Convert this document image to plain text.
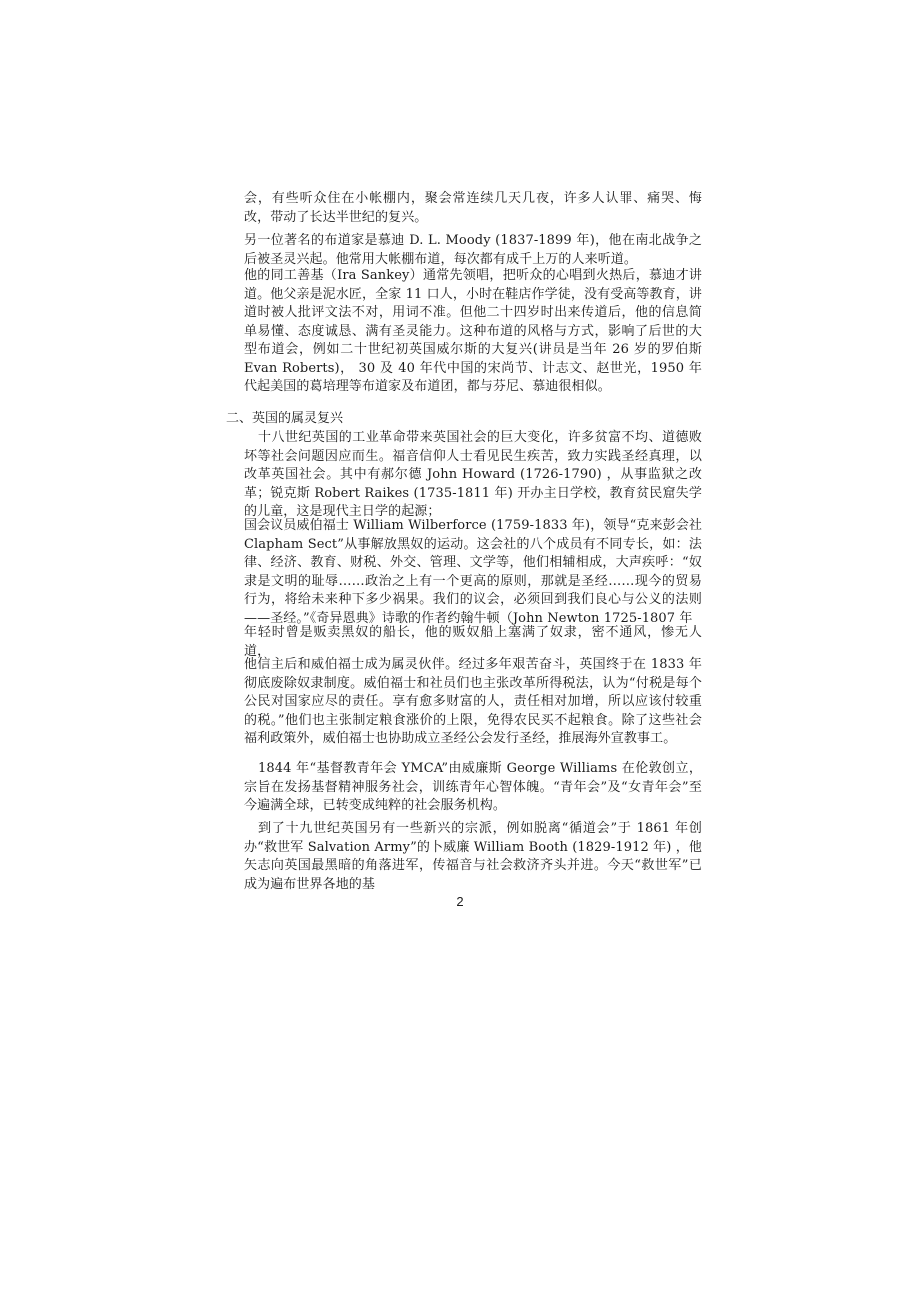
会，有些听众住在小帐棚内，聚会常连续几天几夜，许多人认罪、痛哭、悔改，带动了长达半世纪的复兴。

另一位著名的布道家是慕迪 D. L. Moody (1837-1899 年)，他在南北战争之后被圣灵兴起。他常用大帐棚布道，每次都有成千上万的人来听道。

他的同工善基（Ira Sankey）通常先领唱，把听众的心唱到火热后，慕迪才讲道。他父亲是泥水匠，全家 11 口人，小时在鞋店作学徒，没有受高等教育，讲道时被人批评文法不对，用词不准。但他二十四岁时出来传道后，他的信息简单易懂、态度诚恳、满有圣灵能力。这种布道的风格与方式，影响了后世的大型布道会，例如二十世纪初英国威尔斯的大复兴(讲员是当年 26 岁的罗伯斯 Evan Roberts)， 30 及 40 年代中国的宋尚节、计志文、赵世光，1950 年代起美国的葛培理等布道家及布道团，都与芬尼、慕迪很相似。

二、英国的属灵复兴

十八世纪英国的工业革命带来英国社会的巨大变化，许多贫富不均、道德败坏等社会问题因应而生。福音信仰人士看见民生疾苦，致力实践圣经真理，以改革英国社会。其中有郝尔德 John Howard (1726-1790) ，从事监狱之改革；锐克斯 Robert Raikes (1735-1811 年) 开办主日学校，教育贫民窟失学的儿童，这是现代主日学的起源；

国会议员威伯福士 William Wilberforce (1759-1833 年)，领导“克来彭会社 Clapham Sect”从事解放黑奴的运动。这会社的八个成员有不同专长，如：法律、经济、教育、财税、外交、管理、文学等，他们相辅相成，大声疾呼：“奴隶是文明的耻辱……政治之上有一个更高的原则，那就是圣经……现今的贸易行为，将给未来种下多少祸果。我们的议会，必须回到我们良心与公义的法则——圣经。”《奇异恩典》诗歌的作者约翰牛顿（John Newton 1725-1807 年

年轻时曾是贩卖黑奴的船长，他的贩奴船上塞满了奴隶，密不通风，惨无人道，

他信主后和威伯福士成为属灵伙伴。经过多年艰苦奋斗，英国终于在 1833 年彻底废除奴隶制度。威伯福士和社员们也主张改革所得税法，认为“付税是每个公民对国家应尽的责任。享有愈多财富的人，责任相对加增，所以应该付较重的税。”他们也主张制定粮食涨价的上限，免得农民买不起粮食。除了这些社会福利政策外，威伯福士也协助成立圣经公会发行圣经，推展海外宣教事工。

1844 年“基督教青年会 YMCA”由威廉斯 George Williams 在伦敦创立，宗旨在发扬基督精神服务社会，训练青年心智体魄。“青年会”及“女青年会”至今遍满全球，已转变成纯粹的社会服务机构。

到了十九世纪英国另有一些新兴的宗派，例如脱离“循道会”于 1861 年创办“救世军 Salvation Army”的卜威廉 William Booth (1829-1912 年) ，他矢志向英国最黑暗的角落进军，传福音与社会救济齐头并进。今天“救世军”已成为遍布世界各地的基

2
